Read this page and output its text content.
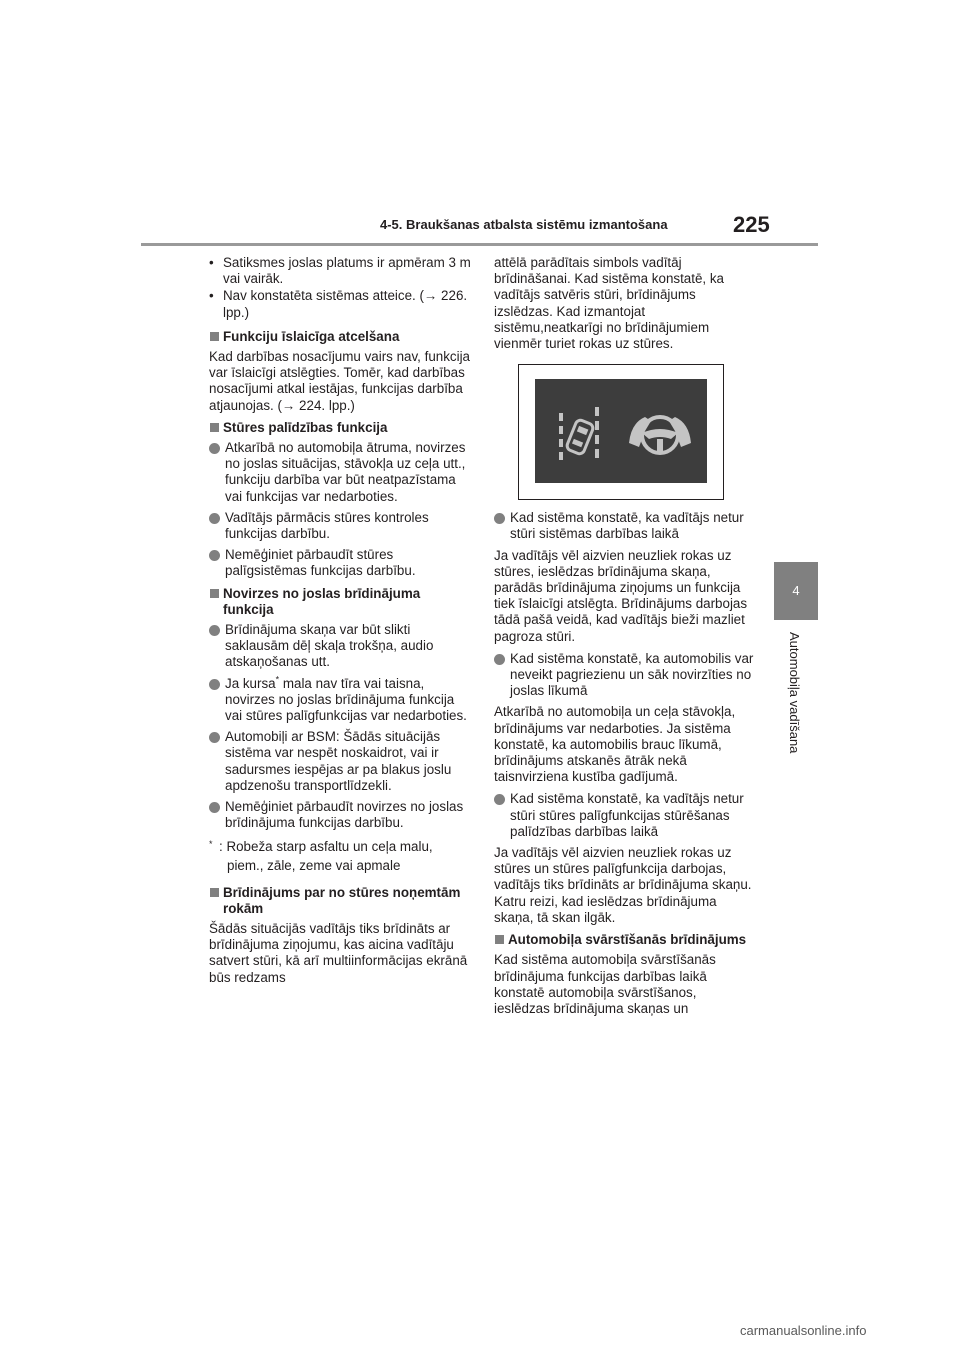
4-5. Braukšanas atbalsta sistēmu izmantošana	225
4
Automobiļa vadīšana
• Satiksmes joslas platums ir apmēram 3 m vai vairāk.
• Nav konstatēta sistēmas atteice. (→ 226. lpp.)
Funkciju īslaicīga atcelšana
Kad darbības nosacījumu vairs nav, funkcija var īslaicīgi atslēgties. Tomēr, kad darbības nosacījumi atkal iestājas, funkcijas darbība atjaunojas. (→ 224. lpp.)
Stūres palīdzības funkcija
Atkarībā no automobiļa ātruma, novirzes no joslas situācijas, stāvokļa uz ceļa utt., funkciju darbība var būt neatpazīstama vai funkcijas var nedarboties.
Vadītājs pārmācis stūres kontroles funkcijas darbību.
Nemēģiniet pārbaudīt stūres palīgsistēmas funkcijas darbību.
Novirzes no joslas brīdinājuma funkcija
Brīdinājuma skaņa var būt slikti saklausām dēļ skaļa trokšņa, audio atskaņošanas utt.
Ja kursa* mala nav tīra vai taisna, novirzes no joslas brīdinājuma funkcija vai stūres palīgfunkcijas var nedarboties.
Automobiļi ar BSM: Šādās situācijās sistēma var nespēt noskaidrot, vai ir sadursmes iespējas ar pa blakus joslu apdzenošu transportlīdzekli.
Nemēģiniet pārbaudīt novirzes no joslas brīdinājuma funkcijas darbību.
* : Robeža starp asfaltu un ceļa malu, piem., zāle, zeme vai apmale
Brīdinājums par no stūres noņemtām rokām
Šādās situācijās vadītājs tiks brīdināts ar brīdinājuma ziņojumu, kas aicina vadītāju satvert stūri, kā arī multiinformācijas ekrānā būs redzams
attēlā parādītais simbols vadītāj brīdināšanai. Kad sistēma konstatē, ka vadītājs satvēris stūri, brīdinājums izslēdzas. Kad izmantojat sistēmu,neatkarīgi no brīdinājumiem vienmēr turiet rokas uz stūres.
Kad sistēma konstatē, ka vadītājs netur stūri sistēmas darbības laikā
Ja vadītājs vēl aizvien neuzliek rokas uz stūres, ieslēdzas brīdinājuma skaņa, parādās brīdinājuma ziņojums un funkcija tiek īslaicīgi atslēgta. Brīdinājums darbojas tādā pašā veidā, kad vadītājs bieži mazliet pagroza stūri.
Kad sistēma konstatē, ka automobilis var neveikt pagriezienu un sāk novirzīties no joslas līkumā
Atkarībā no automobiļa un ceļa stāvokļa, brīdinājums var nedarboties. Ja sistēma konstatē, ka automobilis brauc līkumā, brīdinājums atskanēs ātrāk nekā taisnvirziena kustība gadījumā.
Kad sistēma konstatē, ka vadītājs netur stūri stūres palīgfunkcijas stūrēšanas palīdzības darbības laikā
Ja vadītājs vēl aizvien neuzliek rokas uz stūres un stūres palīgfunkcija darbojas, vadītājs tiks brīdināts ar brīdinājuma skaņu. Katru reizi, kad ieslēdzas brīdinājuma skaņa, tā skan ilgāk.
Automobiļa svārstīšanās brīdinājums
Kad sistēma automobiļa svārstīšanās brīdinājuma funkcijas darbības laikā konstatē automobiļa svārstīšanos, ieslēdzas brīdinājuma skaņas un
carmanualsonline.info
